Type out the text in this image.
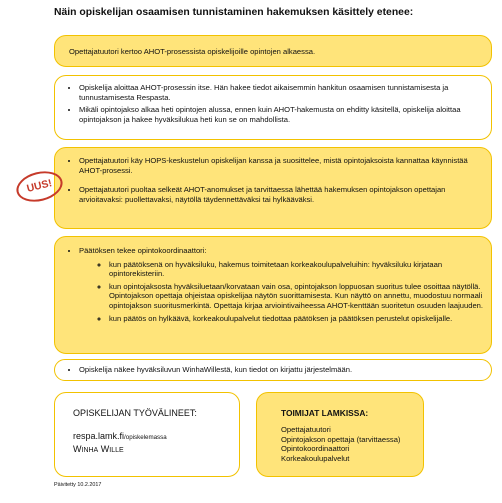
Näin opiskelijan osaamisen tunnistaminen hakemuksen käsittely etenee:
Opettajatuutori kertoo AHOT-prosessista opiskelijoille opintojen alkaessa.
• Opiskelija aloittaa AHOT-prosessin itse. Hän hakee tiedot aikaisemmin hankitun osaamisen tunnistamisesta ja tunnustamisesta Respasta.
• Mikäli opintojakso alkaa heti opintojen alussa, ennen kuin AHOT-hakemusta on ehditty käsitellä, opiskelija aloittaa opintojakson ja hakee hyväksilukua heti kun se on mahdollista.
• Opettajatuutori käy HOPS-keskustelun opiskelijan kanssa ja suosittelee, mistä opintojaksoista kannattaa käynnistää AHOT-prosessi.
• Opettajatuutori puoltaa selkeät AHOT-anomukset ja tarvittaessa lähettää hakemuksen opintojakson opettajan arvioitavaksi: puollettavaksi, näytöllä täydennettäväksi tai hylkääväksi.
UUS!
• Päätöksen tekee opintokoordinaattori:
◦ kun päätöksenä on hyväksiluku, hakemus toimitetaan korkeakoulupalveluihin: hyväksiluku kirjataan opintorekisteriin.
◦ kun opintojaksosta hyväksiluetaan/korvataan vain osa, opintojakson loppuosan suoritus tulee osoittaa näytöllä. Opintojakson opettaja ohjeistaa opiskelijaa näytön suorittamisesta. Kun näyttö on annettu, muodostuu normaali opintojakson suoritusmerkintä. Opettaja kirjaa arviointivaiheessa AHOT-kenttään suoritetun osuuden laajuuden.
◦ kun päätös on hylkäävä, korkeakoulupalvelut tiedottaa päätöksen ja päätöksen perustelut opiskelijalle.
• Opiskelija näkee hyväksiluvun WinhaWillestä, kun tiedot on kirjattu järjestelmään.
OPISKELIJAN TYÖVÄLINEET:
respa.lamk.fi/opiskelemassa
WINHA WILLE
TOIMIJAT LAMKISSA:
Opettajatuutori
Opintojakson opettaja (tarvittaessa)
Opintokoordinaattori
Korkeakoulupalvelut
Päivitetty 10.2.2017
